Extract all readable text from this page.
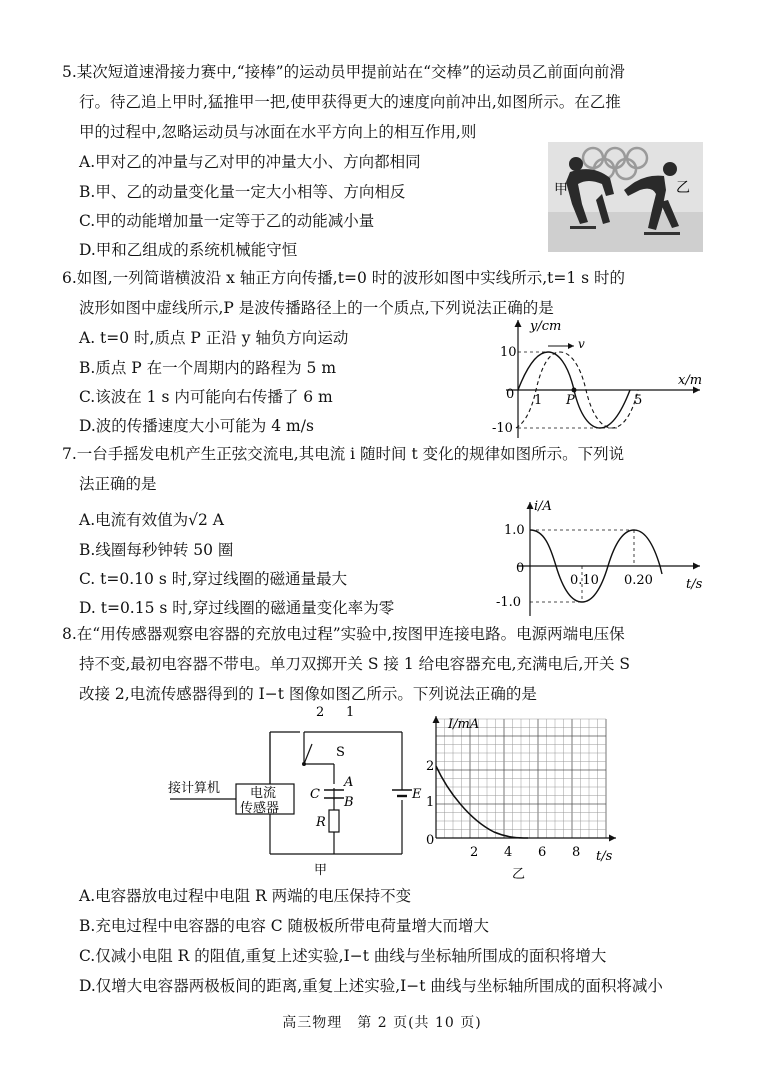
5.某次短道速滑接力赛中,“接棒”的运动员甲提前站在“交棒”的运动员乙前面向前滑
行。待乙追上甲时,猛推甲一把,使甲获得更大的速度向前冲出,如图所示。在乙推
甲的过程中,忽略运动员与冰面在水平方向上的相互作用,则
A.甲对乙的冲量与乙对甲的冲量大小、方向都相同
B.甲、乙的动量变化量一定大小相等、方向相反
C.甲的动能增加量一定等于乙的动能减小量
D.甲和乙组成的系统机械能守恒
甲	乙
6.如图,一列简谐横波沿 x 轴正方向传播,t=0 时的波形如图中实线所示,t=1 s 时的
波形如图中虚线所示,P 是波传播路径上的一个质点,下列说法正确的是
A. t=0 时,质点 P 正沿 y 轴负方向运动
B.质点 P 在一个周期内的路程为 5 m
C.该波在 1 s 内可能向右传播了 6 m
D.波的传播速度大小可能为 4 m/s
y/cm
x/m
10
-10
0 1	5
P
v
7.一台手摇发电机产生正弦交流电,其电流 i 随时间 t 变化的规律如图所示。下列说
法正确的是
A.电流有效值为√2 A
B.线圈每秒钟转 50 圈
C. t=0.10 s 时,穿过线圈的磁通量最大
D. t=0.15 s 时,穿过线圈的磁通量变化率为零
i/A
t/s
1.0
-1.0
0
0.10 0.20
8.在“用传感器观察电容器的充放电过程”实验中,按图甲连接电路。电源两端电压保
持不变,最初电容器不带电。单刀双掷开关 S 接 1 给电容器充电,充满电后,开关 S
改接 2,电流传感器得到的 I−t 图像如图乙所示。下列说法正确的是
接计算机 电流
传感器
2 1
S
A
B
C
R
E
甲
I/mA
t/s
2
1
0
2 4 6 8
乙
A.电容器放电过程中电阻 R 两端的电压保持不变
B.充电过程中电容器的电容 C 随极板所带电荷量增大而增大
C.仅减小电阻 R 的阻值,重复上述实验,I−t 曲线与坐标轴所围成的面积将增大
D.仅增大电容器两极板间的距离,重复上述实验,I−t 曲线与坐标轴所围成的面积将减小
高三物理　第 2 页(共 10 页)
